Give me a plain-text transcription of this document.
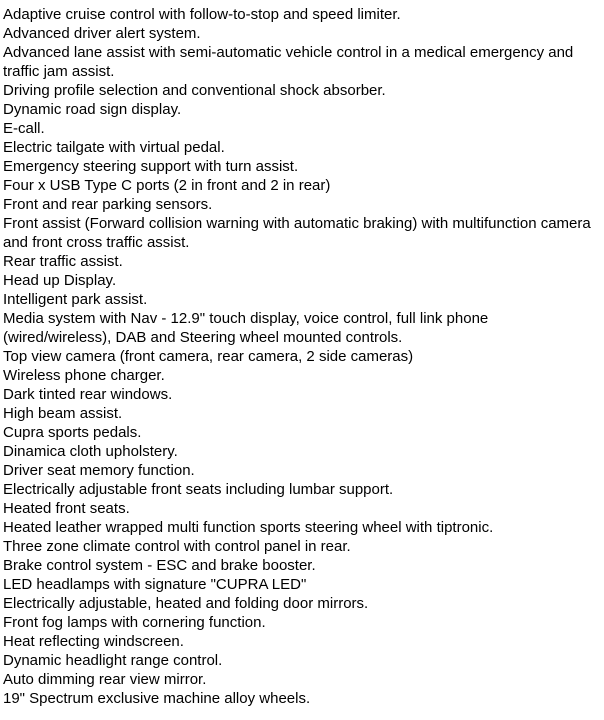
Adaptive cruise control with follow-to-stop and speed limiter.
Advanced driver alert system.
Advanced lane assist with semi-automatic vehicle control in a medical emergency and traffic jam assist.
Driving profile selection and conventional shock absorber.
Dynamic road sign display.
E-call.
Electric tailgate with virtual pedal.
Emergency steering support with turn assist.
Four x USB Type C ports (2 in front and 2 in rear)
Front and rear parking sensors.
Front assist (Forward collision warning with automatic braking) with multifunction camera and front cross traffic assist.
Rear traffic assist.
Head up Display.
Intelligent park assist.
Media system with Nav - 12.9" touch display, voice control, full link phone (wired/wireless), DAB and Steering wheel mounted controls.
Top view camera (front camera, rear camera, 2 side cameras)
Wireless phone charger.
Dark tinted rear windows.
High beam assist.
Cupra sports pedals.
Dinamica cloth upholstery.
Driver seat memory function.
Electrically adjustable front seats including lumbar support.
Heated front seats.
Heated leather wrapped multi function sports steering wheel with tiptronic.
Three zone climate control with control panel in rear.
Brake control system - ESC and brake booster.
LED headlamps with signature "CUPRA LED"
Electrically adjustable, heated and folding door mirrors.
Front fog lamps with cornering function.
Heat reflecting windscreen.
Dynamic headlight range control.
Auto dimming rear view mirror.
19" Spectrum exclusive machine alloy wheels.
